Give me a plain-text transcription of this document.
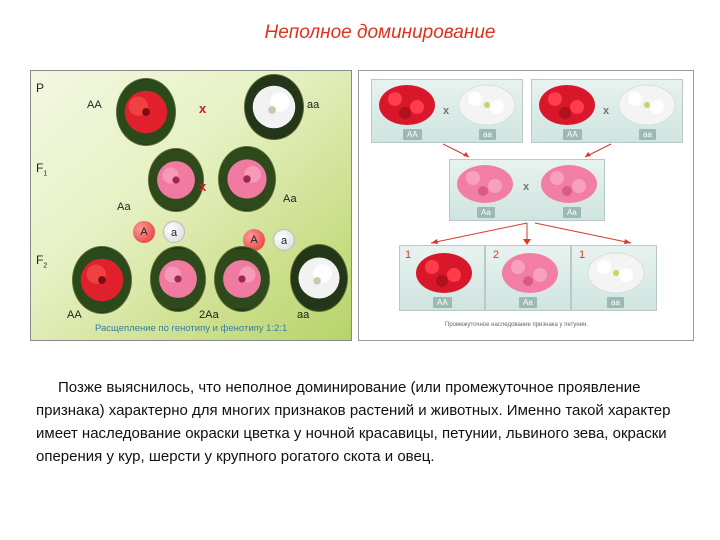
Неполное доминирование
P
$F_1$
$F_2$
АА	x	аа
Аа
x
Аа
А	а
А	а
АА	2Аа	аа
Расщепление по генотипу и фенотипу 1:2:1
АА
x
аа	АА
x
аа
Аа
x
Аа
1
АА
2
Аа
1
аа
Промежуточное наследование признака у петунии.

Позже выяснилось, что неполное доминирование (или промежуточное проявление признака) характерно для многих признаков растений и животных. Именно такой характер имеет наследование окраски цветка у ночной красавицы, петунии, львиного зева, окраски оперения у кур, шерсти у крупного рогатого скота и овец.
